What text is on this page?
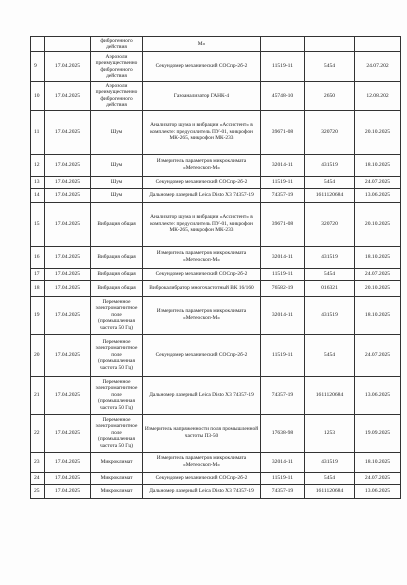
		фиброгенного действия	М»			
9	17.04.2025	Аэрозоли преимущественно фиброгенного действия	Секундомер механический СОСпр-2б-2	11519-11	5454	24.07.202
10	17.04.2025	Аэрозоли преимущественно фиброгенного действия	Газоанализатор ГАНК-4	45748-10	2650	12.08.202
11	17.04.2025	Шум	Анализатор шума и вибрации «Ассистент» в комплекте: предусилитель ПУ-01, микрофон МК-265, микрофон МК-233	39671-08	320720	20.10.2025
12	17.04.2025	Шум	Измеритель параметров микроклимата «Метеоскоп-М»	32014-11	431519	18.10.2025
13	17.04.2025	Шум	Секундомер механический СОСпр-2б-2	11519-11	5454	24.07.2025
14	17.04.2025	Шум	Дальномер лазерный Leica Disto X3 74357-19	74357-19	1611120684	13.06.2025
15	17.04.2025	Вибрация общая	Анализатор шума и вибрации «Ассистент» в комплекте: предусилитель ПУ-01, микрофон МК-265, микрофон МК-233	39671-08	320720	20.10.2025
16	17.04.2025	Вибрация общая	Измеритель параметров микроклимата «Метеоскоп-М»	32014-11	431519	18.10.2025
17	17.04.2025	Вибрация общая	Секундомер механический СОСпр-2б-2	11519-11	5454	24.07.2025
18	17.04.2025	Вибрация общая	Виброкалибратор многочастотный ВК 16/160	76582-19	016321	20.10.2025
19	17.04.2025	Переменное электромагнитное поле (промышленная частота 50 Гц)	Измеритель параметров микроклимата «Метеоскоп-М»	32014-11	431519	18.10.2025
20	17.04.2025	Переменное электромагнитное поле (промышленная частота 50 Гц)	Секундомер механический СОСпр-2б-2	11519-11	5454	24.07.2025
21	17.04.2025	Переменное электромагнитное поле (промышленная частота 50 Гц)	Дальномер лазерный Leica Disto X3 74357-19	74357-19	1611120684	13.06.2025
22	17.04.2025	Переменное электромагнитное поле (промышленная частота 50 Гц)	Измеритель напряженности поля промышленной частоты П3-50	17638-98	1253	19.09.2025
23	17.04.2025	Микроклимат	Измеритель параметров микроклимата «Метеоскоп-М»	32014-11	431519	18.10.2025
24	17.04.2025	Микроклимат	Секундомер механический СОСпр-2б-2	11519-11	5454	24.07.2025
25	17.04.2025	Микроклимат	Дальномер лазерный Leica Disto X3 74357-19	74357-19	1611120684	13.06.2025
